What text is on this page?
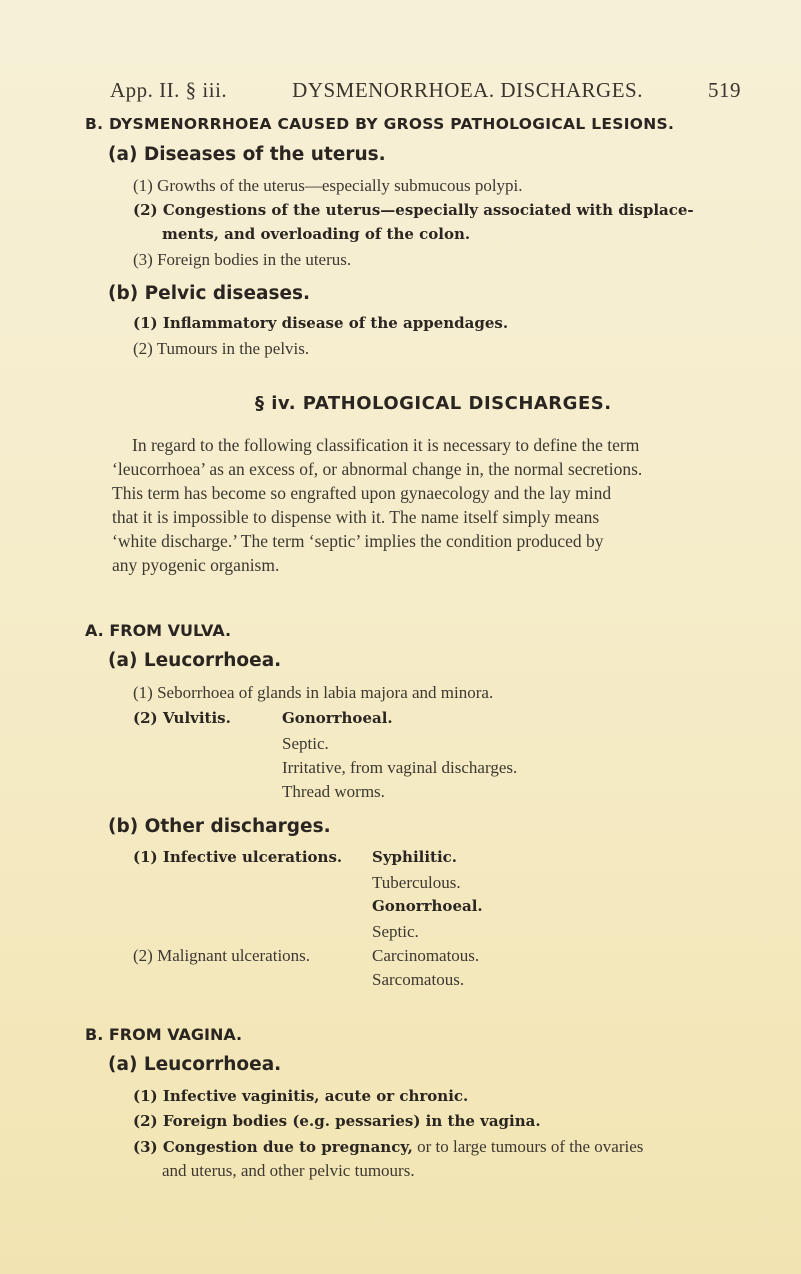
App. II. § iii.	DYSMENORRHOEA. DISCHARGES.	519
B. DYSMENORRHOEA CAUSED BY GROSS PATHOLOGICAL LESIONS.
(a) Diseases of the uterus.
(1) Growths of the uterus—especially submucous polypi.
(2) Congestions of the uterus—especially associated with displace-
ments, and overloading of the colon.
(3) Foreign bodies in the uterus.
(b) Pelvic diseases.
(1) Inflammatory disease of the appendages.
(2) Tumours in the pelvis.
§ iv. PATHOLOGICAL DISCHARGES.
In regard to the following classification it is necessary to define the term
‘leucorrhoea’ as an excess of, or abnormal change in, the normal secretions.
This term has become so engrafted upon gynaecology and the lay mind
that it is impossible to dispense with it. The name itself simply means
‘white discharge.’ The term ‘septic’ implies the condition produced by
any pyogenic organism.
A. FROM VULVA.
(a) Leucorrhoea.
(1) Seborrhoea of glands in labia majora and minora.
(2) Vulvitis.	Gonorrhoeal.
Septic.
Irritative, from vaginal discharges.
Thread worms.
(b) Other discharges.
(1) Infective ulcerations. Syphilitic.
Tuberculous.
Gonorrhoeal.
Septic.
(2) Malignant ulcerations.	Carcinomatous.
Sarcomatous.
B. FROM VAGINA.
(a) Leucorrhoea.
(1) Infective vaginitis, acute or chronic.
(2) Foreign bodies (e.g. pessaries) in the vagina.
(3) Congestion due to pregnancy, or to large tumours of the ovaries
and uterus, and other pelvic tumours.
